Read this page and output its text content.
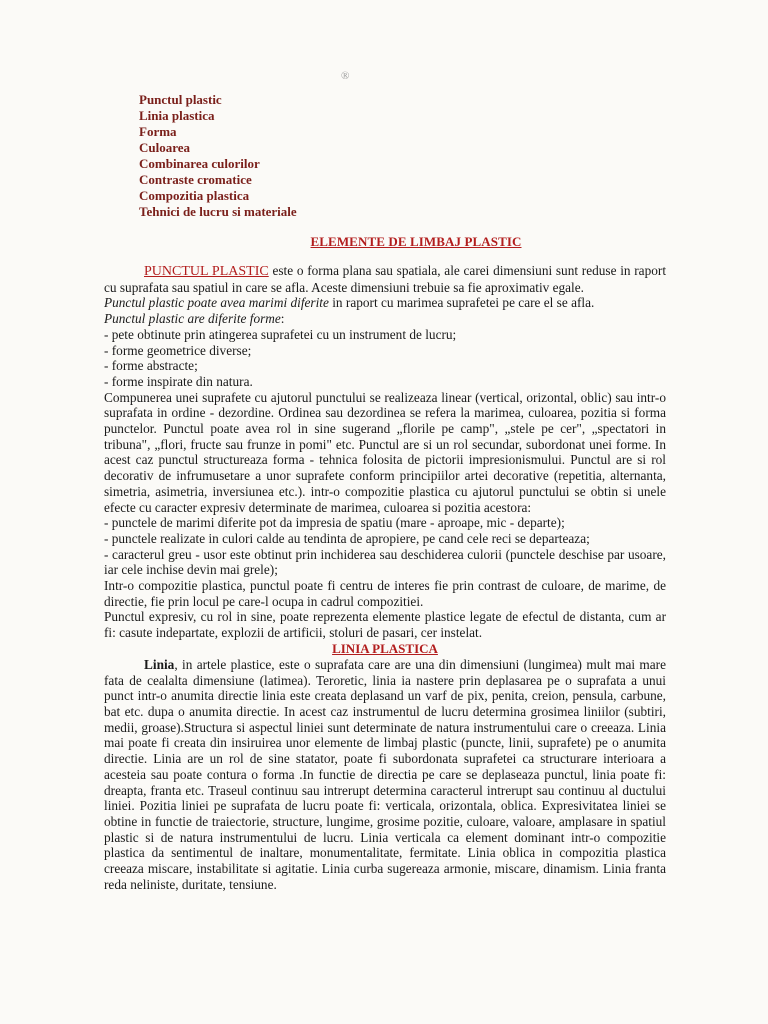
®
Punctul plastic
Linia plastica
Forma
Culoarea
Combinarea culorilor
Contraste cromatice
Compozitia plastica
Tehnici de lucru si materiale
ELEMENTE DE LIMBAJ PLASTIC

PUNCTUL PLASTIC este o forma plana sau spatiala, ale carei dimensiuni sunt reduse in raport cu suprafata sau spatiul in care se afla. Aceste dimensiuni trebuie sa fie aproximativ egale.

Punctul plastic poate avea marimi diferite in raport cu marimea suprafetei pe care el se afla.

Punctul plastic are diferite forme:

- pete obtinute prin atingerea suprafetei cu un instrument de lucru;
- forme geometrice diverse;
- forme abstracte;
- forme inspirate din natura.

Compunerea unei suprafete cu ajutorul punctului se realizeaza linear (vertical, orizontal, oblic) sau intr-o suprafata in ordine - dezordine. Ordinea sau dezordinea se refera la marimea, culoarea, pozitia si forma punctelor. Punctul poate avea rol in sine sugerand „florile pe camp", „stele pe cer", „spectatori in tribuna", „flori, fructe sau frunze in pomi" etc. Punctul are si un rol secundar, subordonat unei forme. In acest caz punctul structureaza forma - tehnica folosita de pictorii impresionismului. Punctul are si rol decorativ de infrumusetare a unor suprafete conform principiilor artei decorative (repetitia, alternanta, simetria, asimetria, inversiunea etc.). intr-o compozitie plastica cu ajutorul punctului se obtin si unele efecte cu caracter expresiv determinate de marimea, culoarea si pozitia acestora:

- punctele de marimi diferite pot da impresia de spatiu (mare - aproape, mic - departe);
- punctele realizate in culori calde au tendinta de apropiere, pe cand cele reci se departeaza;
- caracterul greu - usor este obtinut prin inchiderea sau deschiderea culorii (punctele deschise par usoare, iar cele inchise devin mai grele);

Intr-o compozitie plastica, punctul poate fi centru de interes fie prin contrast de culoare, de marime, de directie, fie prin locul pe care-l ocupa in cadrul compozitiei.

Punctul expresiv, cu rol in sine, poate reprezenta elemente plastice legate de efectul de distanta, cum ar fi: casute indepartate, explozii de artificii, stoluri de pasari, cer instelat.

LINIA PLASTICA

Linia, in artele plastice, este o suprafata care are una din dimensiuni (lungimea) mult mai mare fata de cealalta dimensiune (latimea). Teroretic, linia ia nastere prin deplasarea pe o suprafata a unui punct intr-o anumita directie linia este creata deplasand un varf de pix, penita, creion, pensula, carbune, bat etc. dupa o anumita directie. In acest caz instrumentul de lucru determina grosimea liniilor (subtiri, medii, groase).Structura si aspectul liniei sunt determinate de natura instrumentului care o creeaza. Linia mai poate fi creata din insiruirea unor elemente de limbaj plastic (puncte, linii, suprafete) pe o anumita directie. Linia are un rol de sine statator, poate fi subordonata suprafetei ca structurare interioara a acesteia sau poate contura o forma .In functie de directia pe care se deplaseaza punctul, linia poate fi: dreapta, franta etc. Traseul continuu sau intrerupt determina caracterul intrerupt sau continuu al ductului liniei. Pozitia liniei pe suprafata de lucru poate fi: verticala, orizontala, oblica. Expresivitatea liniei se obtine in functie de traiectorie, structure, lungime, grosime pozitie, culoare, valoare, amplasare in spatiul plastic si de natura instrumentului de lucru. Linia verticala ca element dominant intr-o compozitie plastica da sentimentul de inaltare, monumentalitate, fermitate. Linia oblica in compozitia plastica creeaza miscare, instabilitate si agitatie. Linia curba sugereaza armonie, miscare, dinamism. Linia franta reda neliniste, duritate, tensiune.
